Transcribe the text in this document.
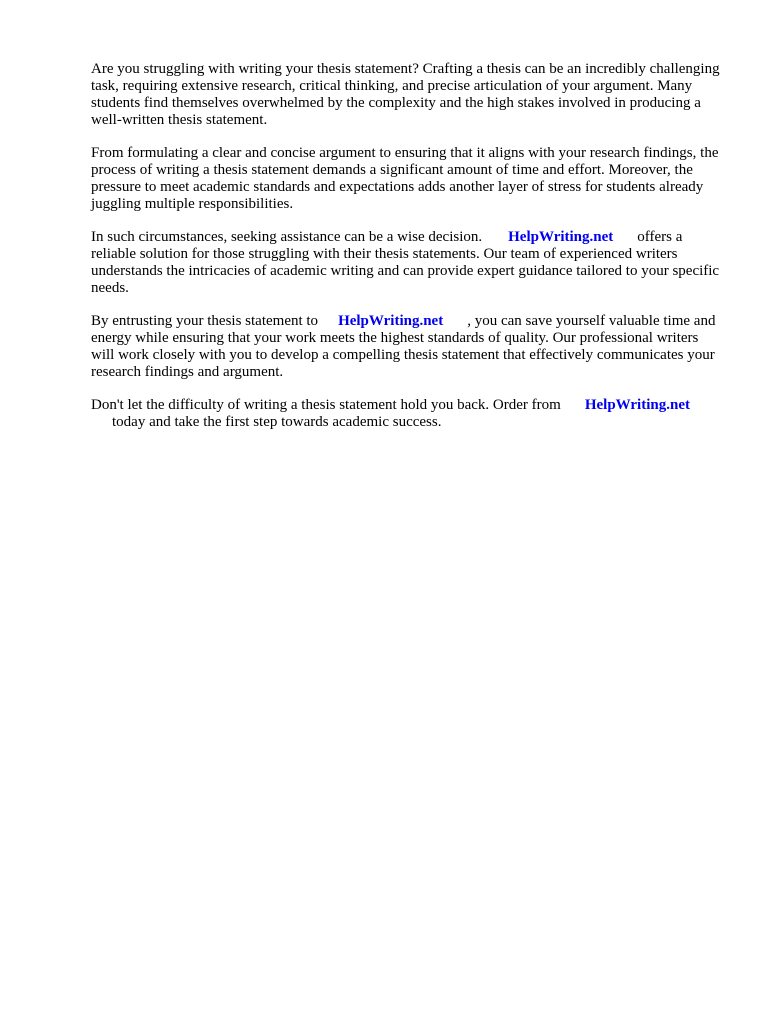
Are you struggling with writing your thesis statement? Crafting a thesis can be an incredibly challenging task, requiring extensive research, critical thinking, and precise articulation of your argument. Many students find themselves overwhelmed by the complexity and the high stakes involved in producing a well-written thesis statement.

From formulating a clear and concise argument to ensuring that it aligns with your research findings, the process of writing a thesis statement demands a significant amount of time and effort. Moreover, the pressure to meet academic standards and expectations adds another layer of stress for students already juggling multiple responsibilities.

In such circumstances, seeking assistance can be a wise decision. HelpWriting.net offers a reliable solution for those struggling with their thesis statements. Our team of experienced writers understands the intricacies of academic writing and can provide expert guidance tailored to your specific needs.

By entrusting your thesis statement to HelpWriting.net , you can save yourself valuable time and energy while ensuring that your work meets the highest standards of quality. Our professional writers will work closely with you to develop a compelling thesis statement that effectively communicates your research findings and argument.

Don't let the difficulty of writing a thesis statement hold you back. Order from HelpWriting.net
today and take the first step towards academic success.
